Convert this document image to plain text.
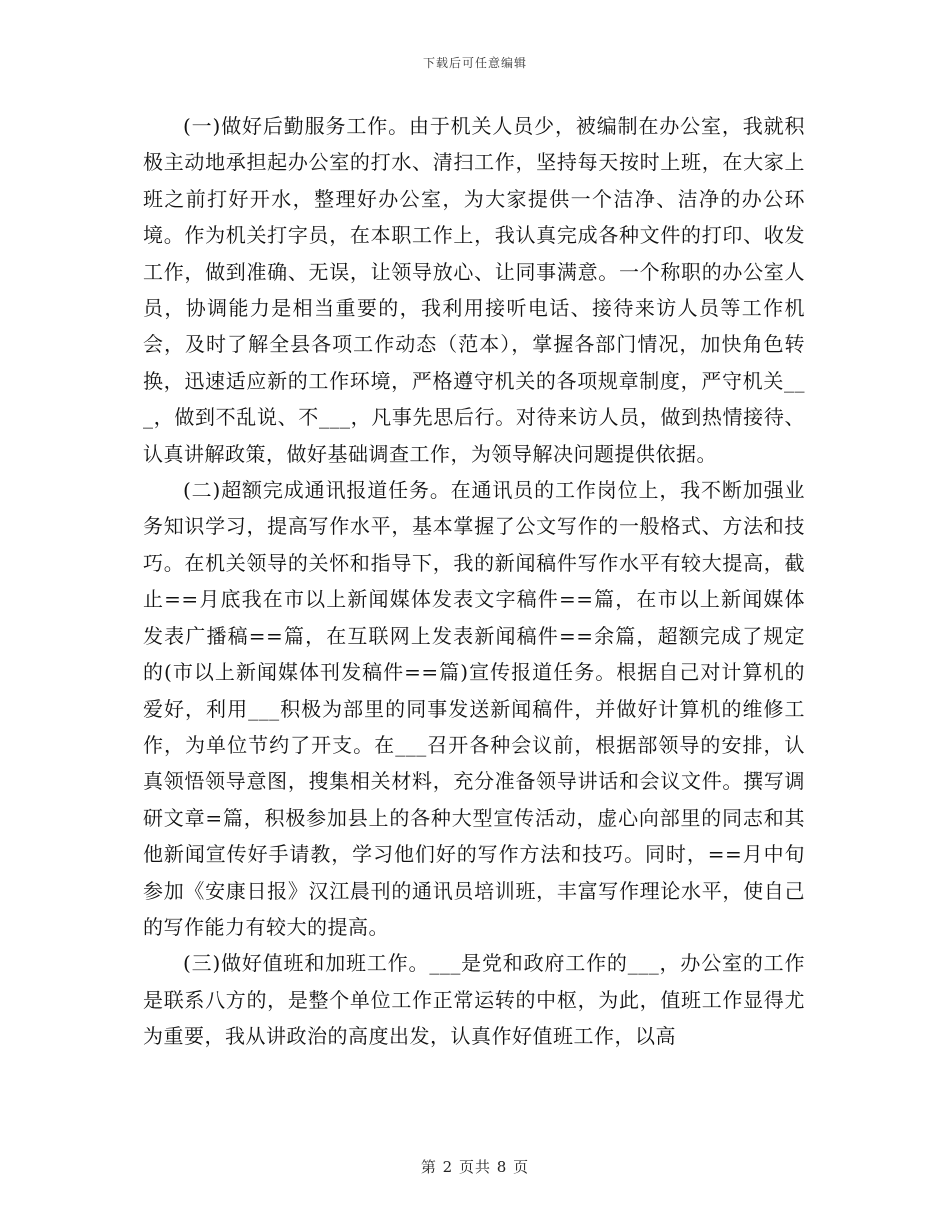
下载后可任意编辑

(一)做好后勤服务工作。由于机关人员少，被编制在办公室，我就积极主动地承担起办公室的打水、清扫工作，坚持每天按时上班，在大家上班之前打好开水，整理好办公室，为大家提供一个洁净、洁净的办公环境。作为机关打字员，在本职工作上，我认真完成各种文件的打印、收发工作，做到准确、无误，让领导放心、让同事满意。一个称职的办公室人员，协调能力是相当重要的，我利用接听电话、接待来访人员等工作机会，及时了解全县各项工作动态（范本），掌握各部门情况，加快角色转换，迅速适应新的工作环境，严格遵守机关的各项规章制度，严守机关___，做到不乱说、不___，凡事先思后行。对待来访人员，做到热情接待、认真讲解政策，做好基础调查工作，为领导解决问题提供依据。

(二)超额完成通讯报道任务。在通讯员的工作岗位上，我不断加强业务知识学习，提高写作水平，基本掌握了公文写作的一般格式、方法和技巧。在机关领导的关怀和指导下，我的新闻稿件写作水平有较大提高，截止==月底我在市以上新闻媒体发表文字稿件==篇，在市以上新闻媒体发表广播稿==篇，在互联网上发表新闻稿件==余篇，超额完成了规定的(市以上新闻媒体刊发稿件==篇)宣传报道任务。根据自己对计算机的爱好，利用___积极为部里的同事发送新闻稿件，并做好计算机的维修工作，为单位节约了开支。在___召开各种会议前，根据部领导的安排，认真领悟领导意图，搜集相关材料，充分准备领导讲话和会议文件。撰写调研文章=篇，积极参加县上的各种大型宣传活动，虚心向部里的同志和其他新闻宣传好手请教，学习他们好的写作方法和技巧。同时，==月中旬参加《安康日报》汉江晨刊的通讯员培训班，丰富写作理论水平，使自己的写作能力有较大的提高。

(三)做好值班和加班工作。___是党和政府工作的___，办公室的工作是联系八方的，是整个单位工作正常运转的中枢，为此，值班工作显得尤为重要，我从讲政治的高度出发，认真作好值班工作，以高

第 2 页共 8 页
